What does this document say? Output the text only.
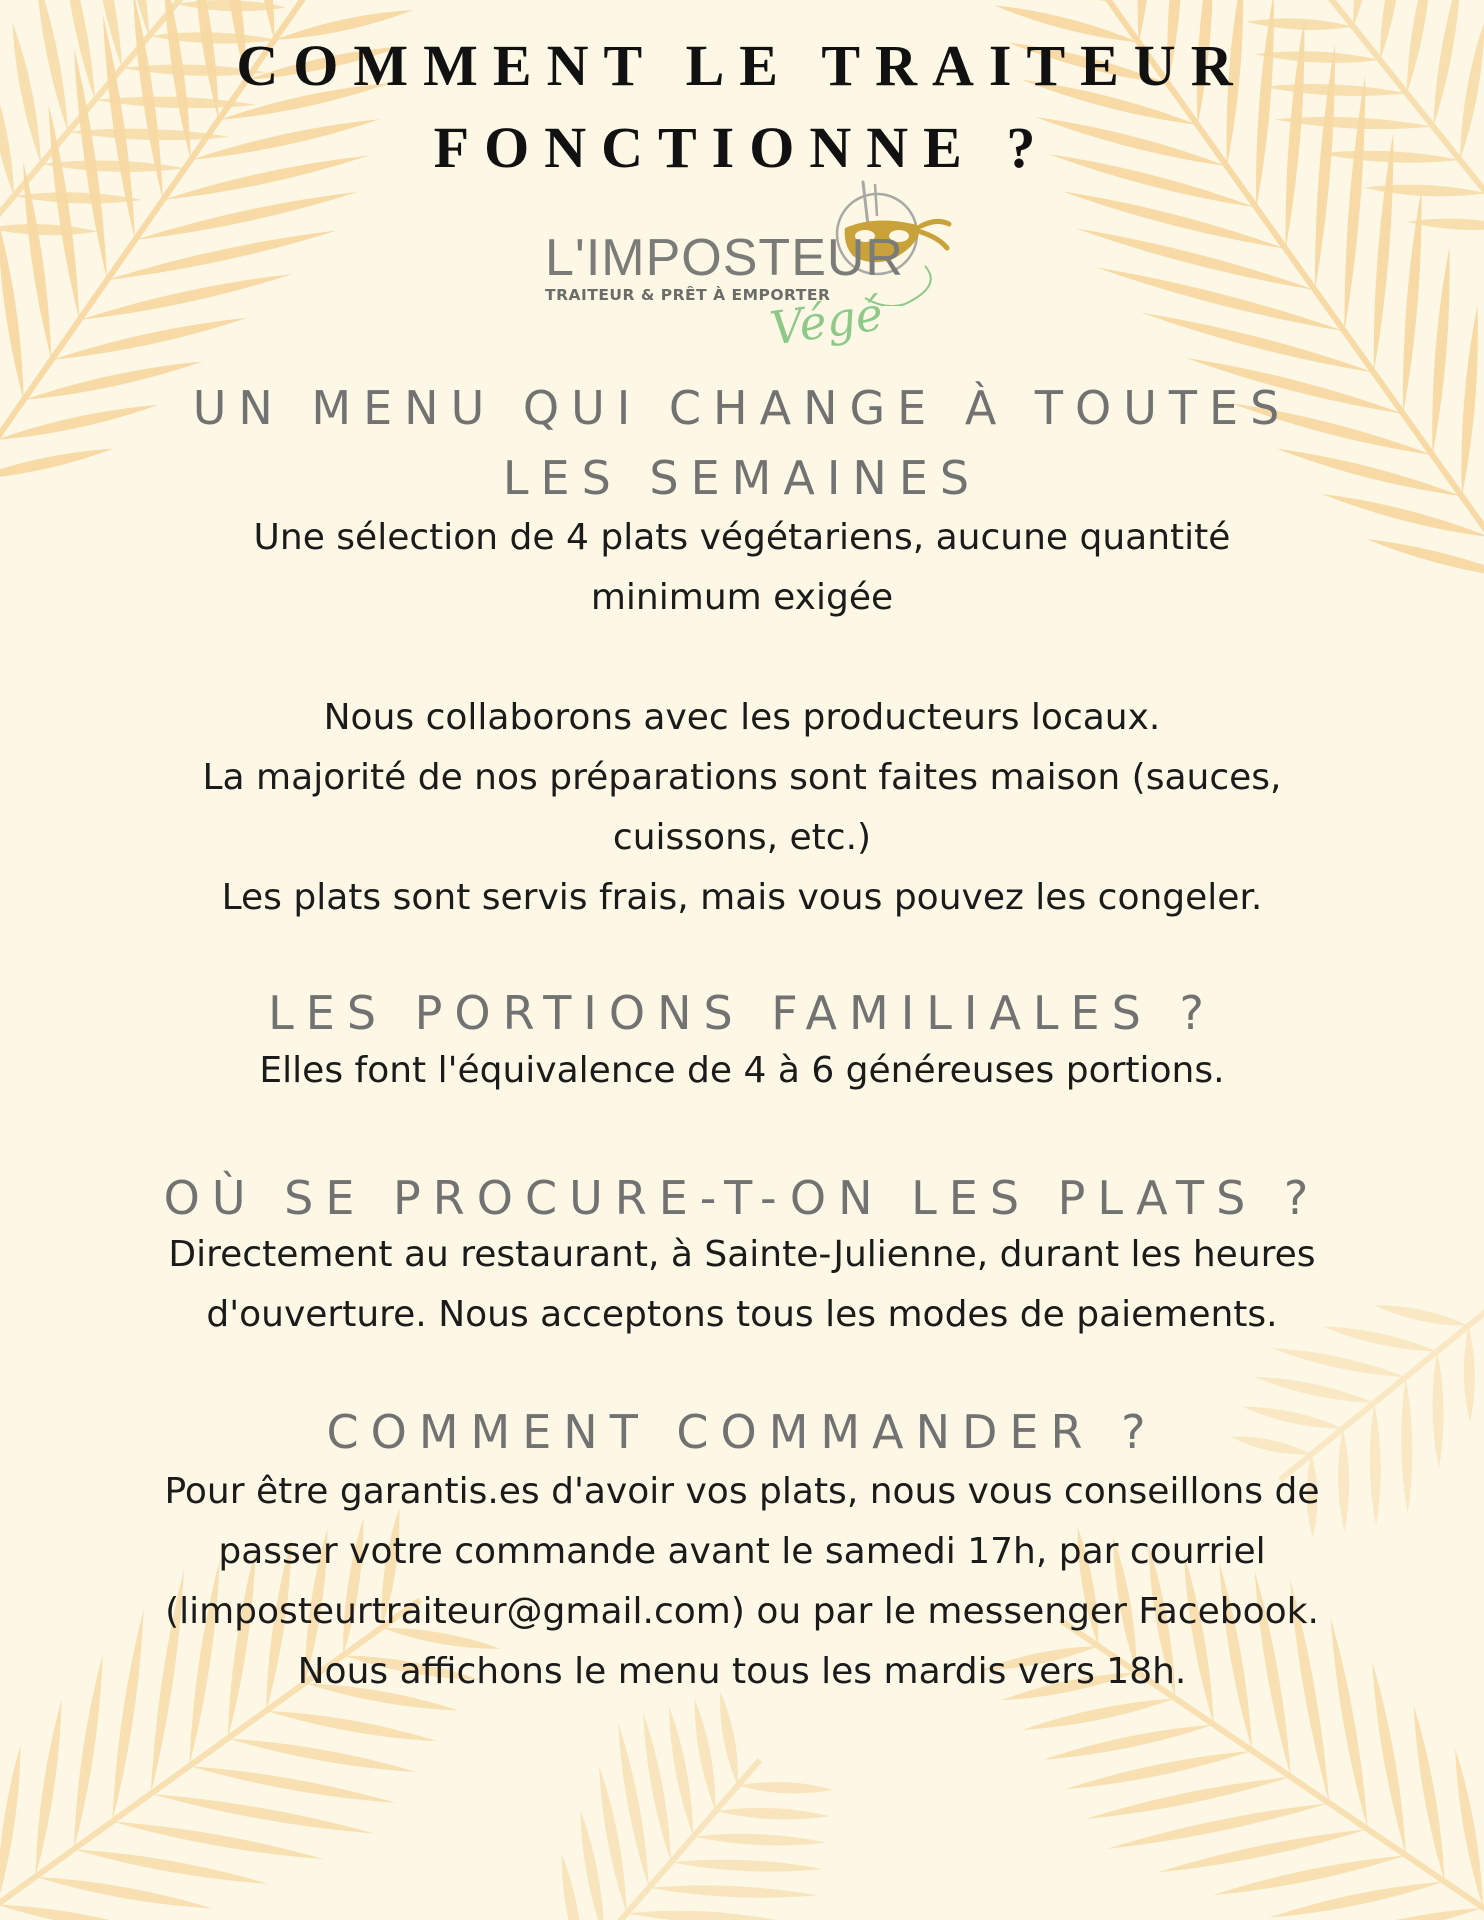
COMMENT LE TRAITEUR
FONCTIONNE ?
L'IMPOSTEUR
TRAITEUR & PRÊT À EMPORTER
Végé
UN MENU QUI CHANGE À TOUTES
LES SEMAINES
Une sélection de 4 plats végétariens, aucune quantité
minimum exigée
Nous collaborons avec les producteurs locaux.
La majorité de nos préparations sont faites maison (sauces,
cuissons, etc.)
Les plats sont servis frais, mais vous pouvez les congeler.
LES PORTIONS FAMILIALES ?
Elles font l'équivalence de 4 à 6 généreuses portions.
OÙ SE PROCURE-T-ON LES PLATS ?
Directement au restaurant, à Sainte-Julienne, durant les heures
d'ouverture. Nous acceptons tous les modes de paiements.
COMMENT COMMANDER ?
Pour être garantis.es d'avoir vos plats, nous vous conseillons de
passer votre commande avant le samedi 17h, par courriel
(limposteurtraiteur@gmail.com) ou par le messenger Facebook.
Nous affichons le menu tous les mardis vers 18h.
